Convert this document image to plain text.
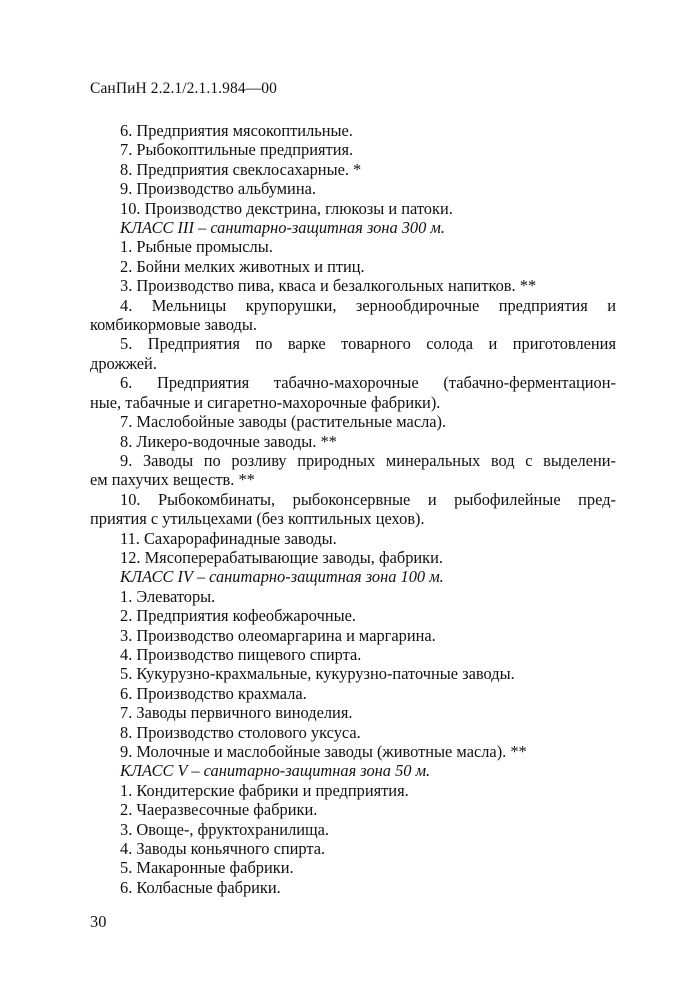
СанПиН 2.2.1/2.1.1.984—00
6. Предприятия мясокоптильные.
7. Рыбокоптильные предприятия.
8. Предприятия свеклосахарные. *
9. Производство альбумина.
10. Производство декстрина, глюкозы и патоки.
КЛАСС III – санитарно-защитная зона 300 м.
1. Рыбные промыслы.
2. Бойни мелких животных и птиц.
3. Производство пива, кваса и безалкогольных напитков. **
4. Мельницы крупорушки, зернообдирочные предприятия и
комбикормовые заводы.
5. Предприятия по варке товарного солода и приготовления
дрожжей.
6. Предприятия табачно-махорочные (табачно-ферментацион-
ные, табачные и сигаретно-махорочные фабрики).
7. Маслобойные заводы (растительные масла).
8. Ликеро-водочные заводы. **
9. Заводы по розливу природных минеральных вод с выделени-
ем пахучих веществ. **
10. Рыбокомбинаты, рыбоконсервные и рыбофилейные пред-
приятия с утильцехами (без коптильных цехов).
11. Сахарорафинадные заводы.
12. Мясоперерабатывающие заводы, фабрики.
КЛАСС IV – санитарно-защитная зона 100 м.
1. Элеваторы.
2. Предприятия кофеобжарочные.
3. Производство олеомаргарина и маргарина.
4. Производство пищевого спирта.
5. Кукурузно-крахмальные, кукурузно-паточные заводы.
6. Производство крахмала.
7. Заводы первичного виноделия.
8. Производство столового уксуса.
9. Молочные и маслобойные заводы (животные масла). **
КЛАСС V – санитарно-защитная зона 50 м.
1. Кондитерские фабрики и предприятия.
2. Чаеразвесочные фабрики.
3. Овоще-, фруктохранилища.
4. Заводы коньячного спирта.
5. Макаронные фабрики.
6. Колбасные фабрики.
30
